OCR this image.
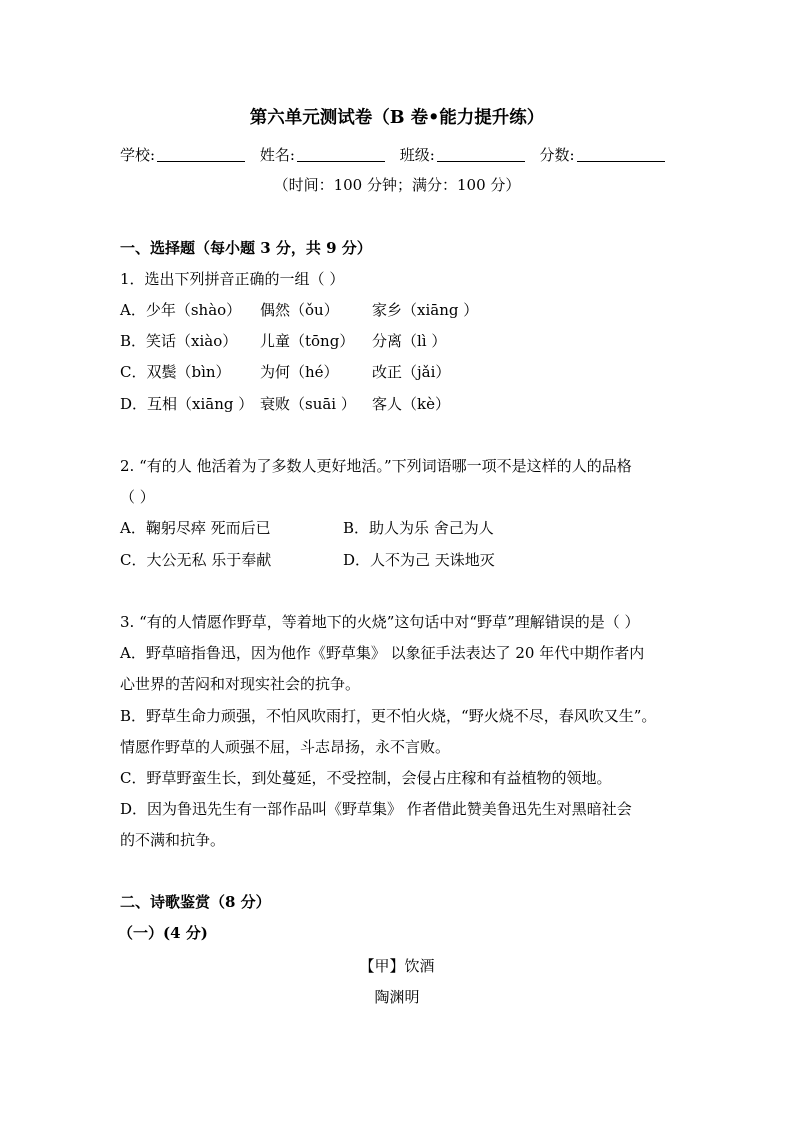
第六单元测试卷（B 卷•能力提升练）
学校:	姓名:	班级:	分数:
（时间：100 分钟；满分：100 分）
一、选择题（每小题 3 分，共 9 分）
1．选出下列拼音正确的一组（ ）
A．少年（shào） 偶然（ǒu） 家乡（xiāng ）
B．笑话（xiào） 儿童（tōng） 分离（lì ）
C．双鬓（bìn） 为何（hé） 改正（jǎi）
D．互相（xiāng ） 衰败（suāi ） 客人（kè）
2. “有的人 他活着为了多数人更好地活。”下列词语哪一项不是这样的人的品格
（ ）
A．鞠躬尽瘁 死而后已	B．助人为乐 舍己为人
C．大公无私 乐于奉献	D．人不为己 天诛地灭
3. “有的人情愿作野草，等着地下的火烧”这句话中对“野草”理解错误的是（ ）
A．野草暗指鲁迅，因为他作《野草集》 以象征手法表达了 20 年代中期作者内
心世界的苦闷和对现实社会的抗争。
B．野草生命力顽强，不怕风吹雨打，更不怕火烧，“野火烧不尽，春风吹又生”。
情愿作野草的人顽强不屈，斗志昂扬，永不言败。
C．野草野蛮生长，到处蔓延，不受控制，会侵占庄稼和有益植物的领地。
D．因为鲁迅先生有一部作品叫《野草集》 作者借此赞美鲁迅先生对黑暗社会
的不满和抗争。
二、诗歌鉴赏（8 分）
（一）(4 分)
【甲】饮酒
陶渊明
